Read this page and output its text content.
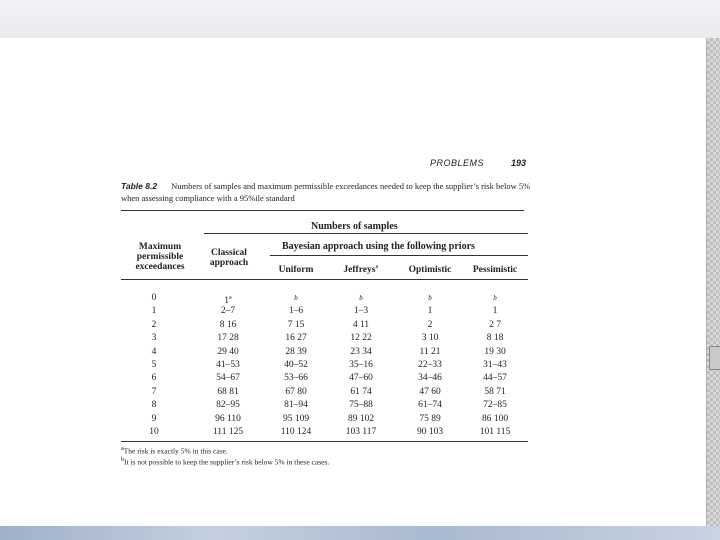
PROBLEMS	193
Table 8.2 Numbers of samples and maximum permissible exceedances needed to keep the supplier’s risk below 5% when assessing compliance with a 95%ile standard
Numbers of samples
Bayesian approach using the following priors
Maximum
permissible
exceedances
Classical
approach
Uniform	Jeffreys’	Optimistic	Pessimistic
0	1$^a$	b	b	b	b
1	2–7	1–6	1–3	1	1
2	8 16	7 15	4 11	2	2 7
3	17 28	16 27	12 22	3 10	8 18
4	29 40	28 39	23 34	11 21	19 30
5	41–53	40–52	35–16	22–33	31–43
6	54–67	53–66	47–60	34–46	44–57
7	68 81	67 80	61 74	47 60	58 71
8	82–95	81–94	75–88	61–74	72–85
9	96 110	95 109	89 102	75 89	86 100
10	111 125	110 124	103 117	90 103	101 115
$^a$The risk is exactly 5% in this case.
$^b$It is not possible to keep the supplier’s risk below 5% in these cases.
